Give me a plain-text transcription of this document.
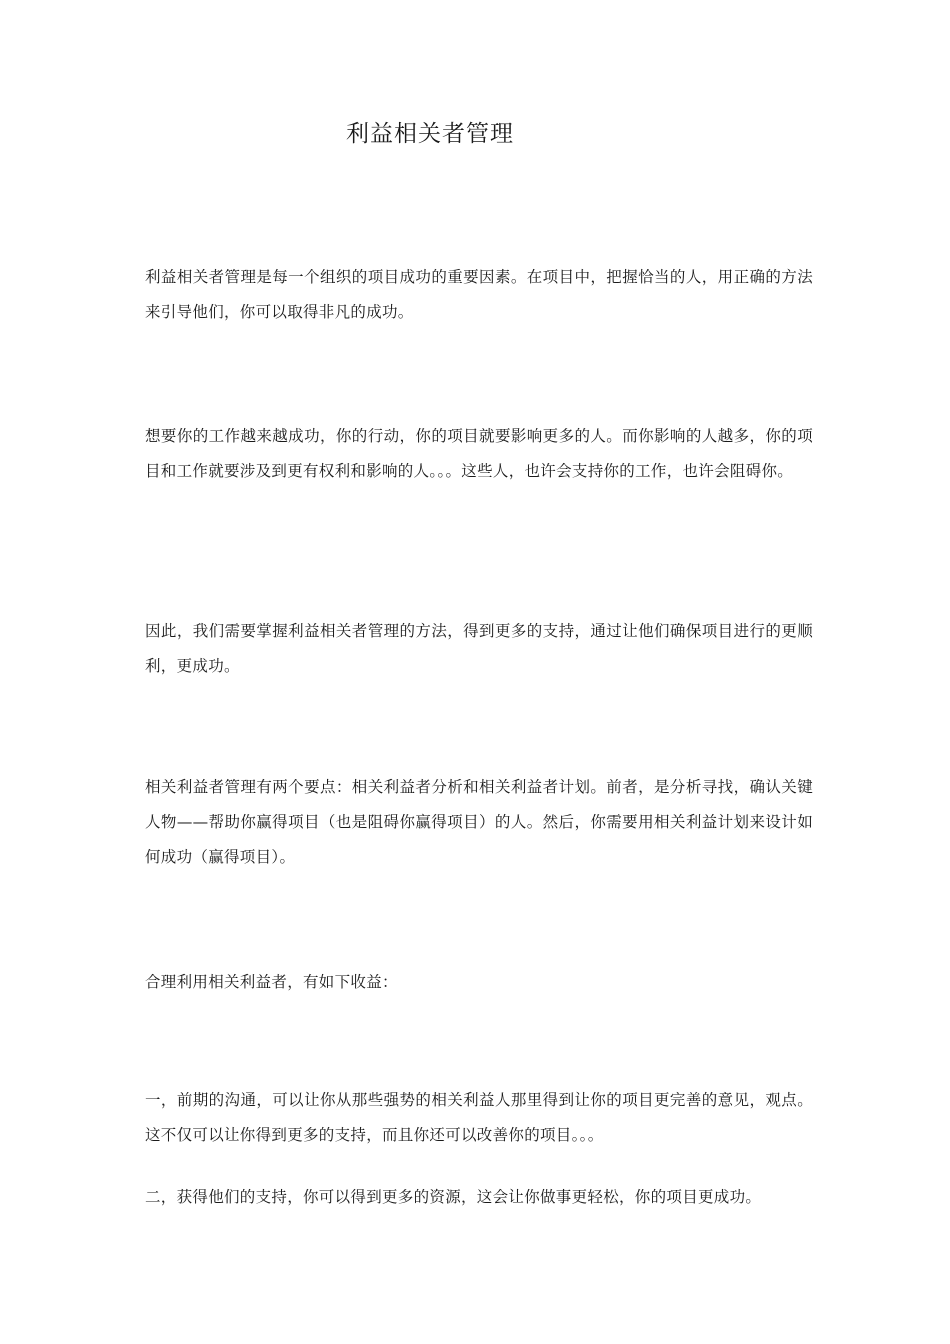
利益相关者管理

利益相关者管理是每一个组织的项目成功的重要因素。在项目中，把握恰当的人，用正确的方法来引导他们，你可以取得非凡的成功。

想要你的工作越来越成功，你的行动，你的项目就要影响更多的人。而你影响的人越多，你的项目和工作就要涉及到更有权利和影响的人。。。这些人，也许会支持你的工作，也许会阻碍你。

因此，我们需要掌握利益相关者管理的方法，得到更多的支持，通过让他们确保项目进行的更顺利，更成功。

相关利益者管理有两个要点：相关利益者分析和相关利益者计划。前者，是分析寻找，确认关键人物——帮助你赢得项目（也是阻碍你赢得项目）的人。然后，你需要用相关利益计划来设计如何成功（赢得项目）。

合理利用相关利益者，有如下收益：

一，前期的沟通，可以让你从那些强势的相关利益人那里得到让你的项目更完善的意见，观点。这不仅可以让你得到更多的支持，而且你还可以改善你的项目。。。

二，获得他们的支持，你可以得到更多的资源，这会让你做事更轻松，你的项目更成功。
